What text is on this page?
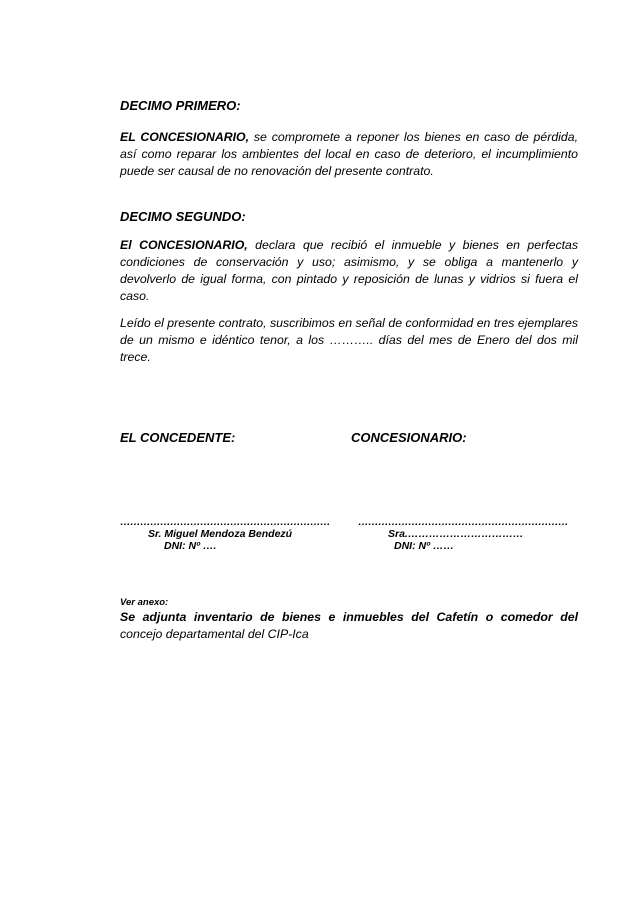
DECIMO PRIMERO:

EL CONCESIONARIO, se compromete a reponer los bienes en caso de pérdida, así como reparar los ambientes del local en caso de deterioro, el incumplimiento puede ser causal de no renovación del presente contrato.

DECIMO SEGUNDO:

El CONCESIONARIO, declara que recibió el inmueble y bienes en perfectas condiciones de conservación y uso; asimismo, y se obliga a mantenerlo y devolverlo de igual forma, con pintado y reposición de lunas y vidrios si fuera el caso.

Leído el presente contrato, suscribimos en señal de conformidad en tres ejemplares de un mismo e idéntico tenor, a los ……….. días del mes de Enero del dos mil trece.

EL CONCEDENTE:	CONCESIONARIO:
………………………………………………………
Sr. Miguel Mendoza Bendezú
DNI: Nº ….
………………………………………………………
Sra.……………………………
DNI: Nº ……

Ver anexo:

Se adjunta inventario de bienes e inmuebles del Cafetín o comedor del concejo departamental del CIP-Ica
